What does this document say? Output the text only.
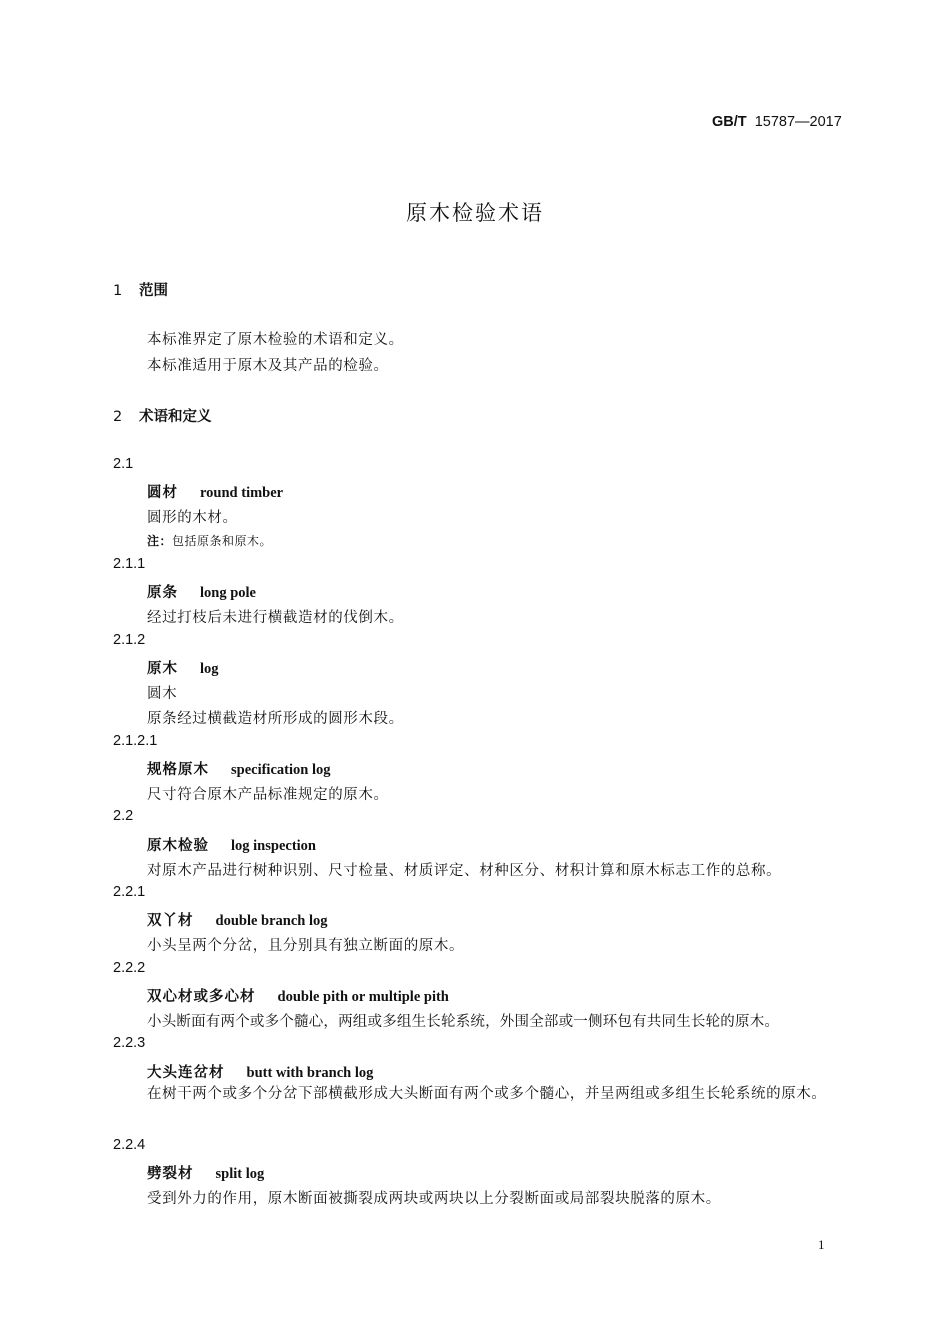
GB/T 15787—2017
原木检验术语
1 范围
本标准界定了原木检验的术语和定义。
本标准适用于原木及其产品的检验。
2 术语和定义
2.1
圆材 round timber
圆形的木材。
注：包括原条和原木。
2.1.1
原条 long pole
经过打枝后未进行横截造材的伐倒木。
2.1.2
原木 log
圆木
原条经过横截造材所形成的圆形木段。
2.1.2.1
规格原木 specification log
尺寸符合原木产品标准规定的原木。
2.2
原木检验 log inspection
对原木产品进行树种识别、尺寸检量、材质评定、材种区分、材积计算和原木标志工作的总称。
2.2.1
双丫材 double branch log
小头呈两个分岔，且分别具有独立断面的原木。
2.2.2
双心材或多心材 double pith or multiple pith
小头断面有两个或多个髓心，两组或多组生长轮系统，外围全部或一侧环包有共同生长轮的原木。
2.2.3
大头连岔材 butt with branch log
在树干两个或多个分岔下部横截形成大头断面有两个或多个髓心，并呈两组或多组生长轮系统的原木。
2.2.4
劈裂材 split log
受到外力的作用，原木断面被撕裂成两块或两块以上分裂断面或局部裂块脱落的原木。
1
